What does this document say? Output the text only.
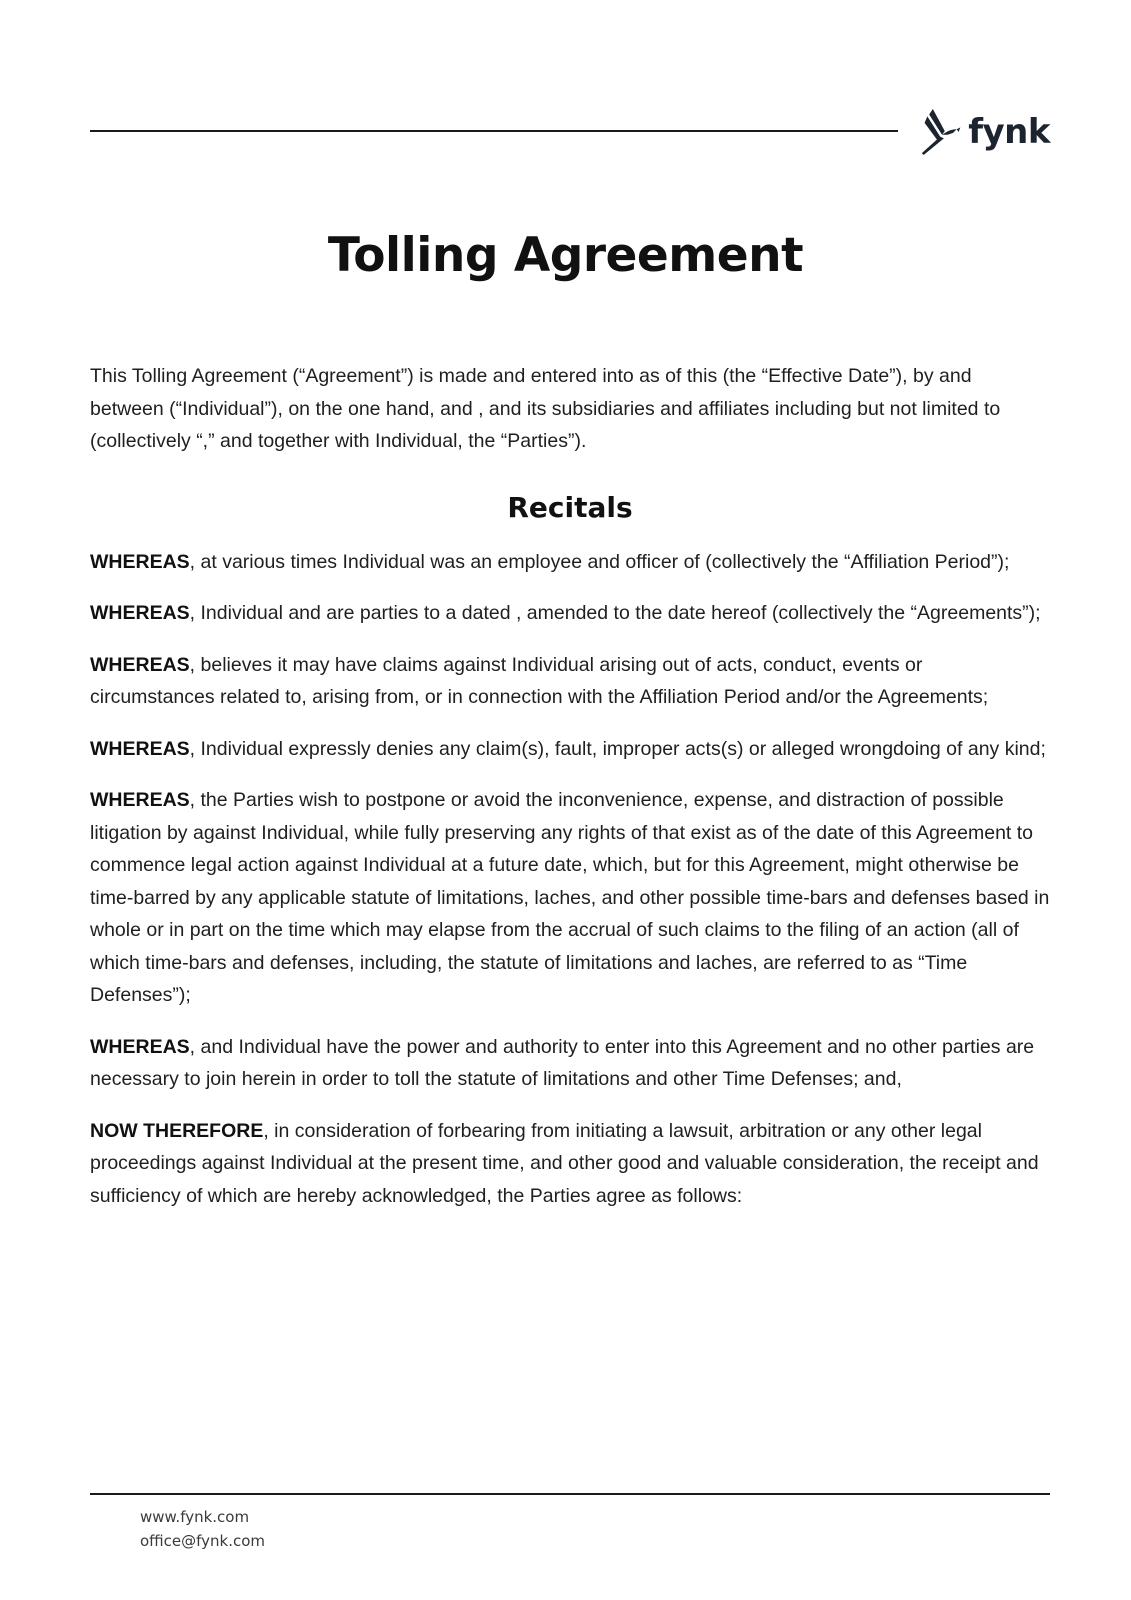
fynk
Tolling Agreement

This Tolling Agreement (“Agreement”) is made and entered into as of this (the “Effective Date”), by and between (“Individual”), on the one hand, and , and its subsidiaries and affiliates including but not limited to (collectively “,” and together with Individual, the “Parties”).

Recitals

WHEREAS, at various times Individual was an employee and officer of (collectively the “Affiliation Period”);

WHEREAS, Individual and are parties to a dated , amended to the date hereof (collectively the “Agreements”);

WHEREAS, believes it may have claims against Individual arising out of acts, conduct, events or circumstances related to, arising from, or in connection with the Affiliation Period and/or the Agreements;

WHEREAS, Individual expressly denies any claim(s), fault, improper acts(s) or alleged wrongdoing of any kind;

WHEREAS, the Parties wish to postpone or avoid the inconvenience, expense, and distraction of possible litigation by against Individual, while fully preserving any rights of that exist as of the date of this Agreement to commence legal action against Individual at a future date, which, but for this Agreement, might otherwise be time-barred by any applicable statute of limitations, laches, and other possible time-bars and defenses based in whole or in part on the time which may elapse from the accrual of such claims to the filing of an action (all of which time-bars and defenses, including, the statute of limitations and laches, are referred to as “Time Defenses”);

WHEREAS, and Individual have the power and authority to enter into this Agreement and no other parties are necessary to join herein in order to toll the statute of limitations and other Time Defenses; and,

NOW THEREFORE, in consideration of forbearing from initiating a lawsuit, arbitration or any other legal proceedings against Individual at the present time, and other good and valuable consideration, the receipt and sufficiency of which are hereby acknowledged, the Parties agree as follows:

www.fynk.com
office@fynk.com
